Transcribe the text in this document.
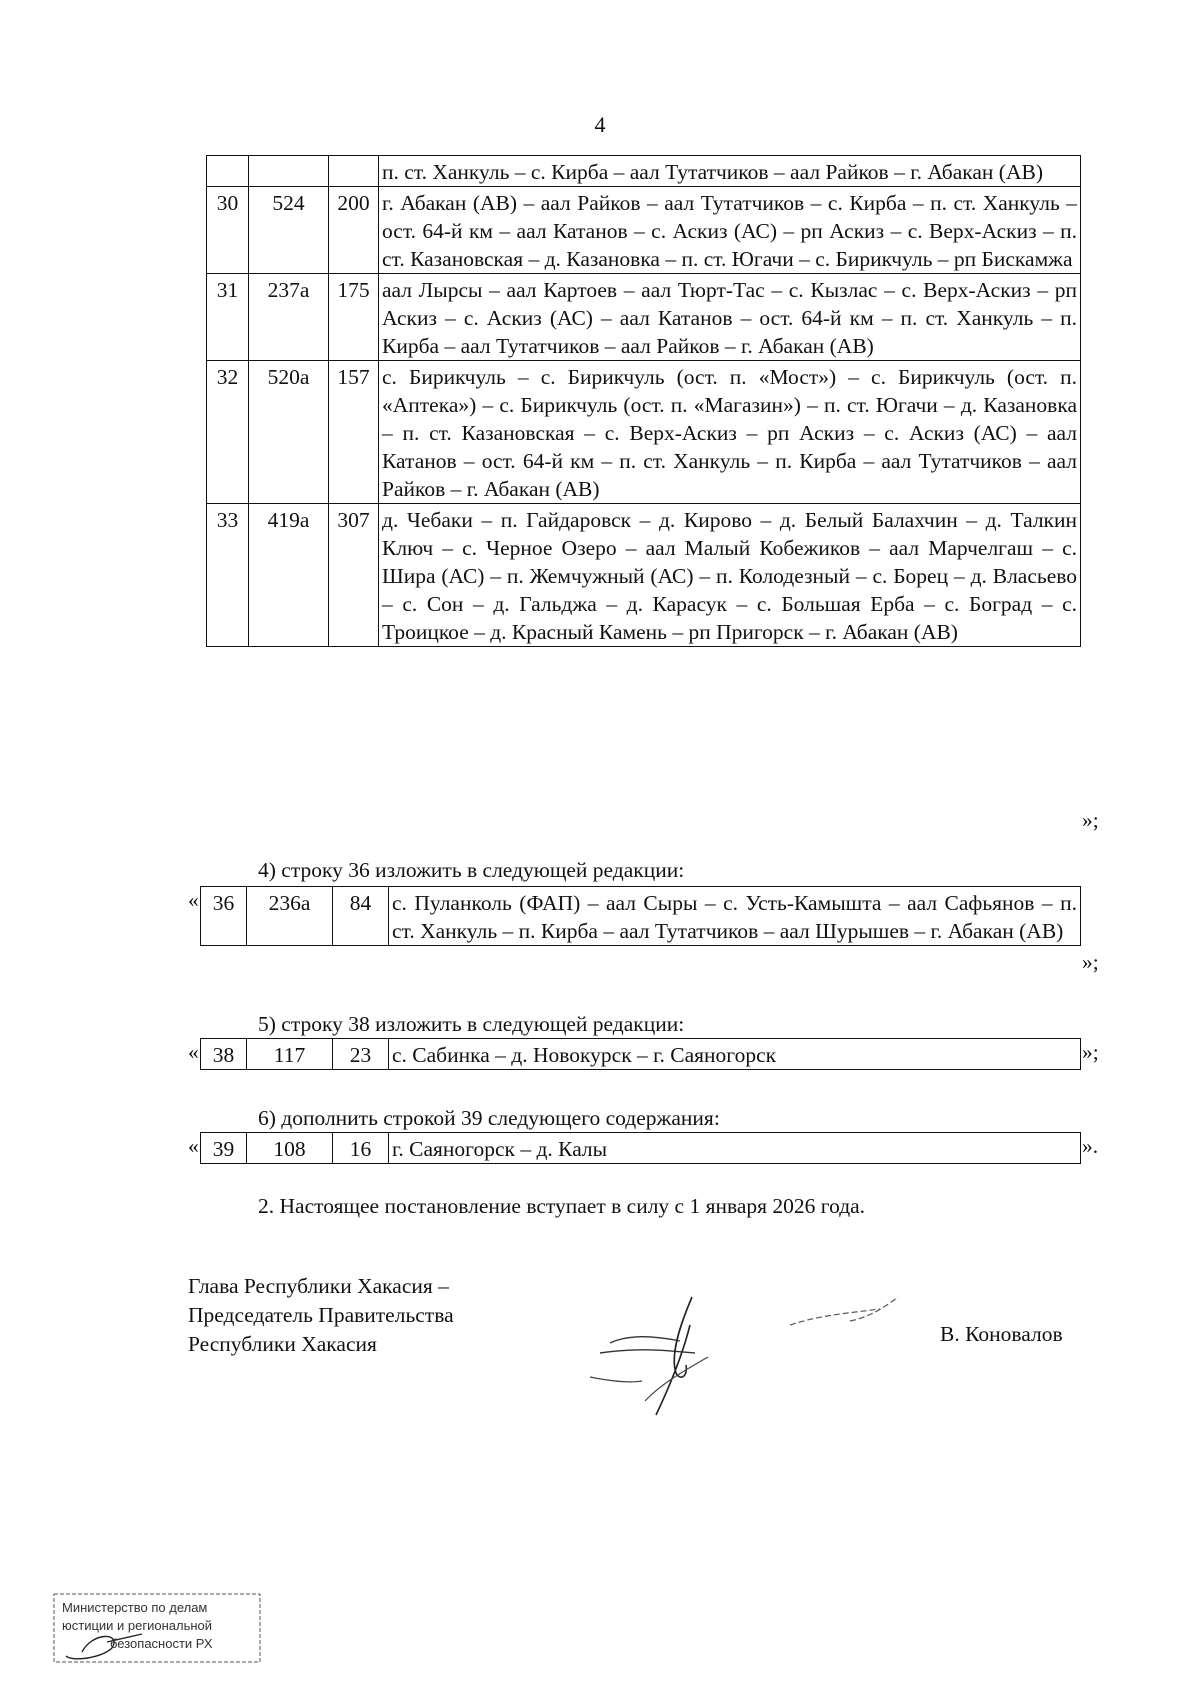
4
			п. ст. Ханкуль – с. Кирба – аал Тутатчиков – аал Райков – г. Абакан (АВ)
30	524	200	г. Абакан (АВ) – аал Райков – аал Тутатчиков – с. Кирба – п. ст. Ханкуль – ост. 64-й км – аал Катанов – с. Аскиз (АС) – рп Аскиз – с. Верх-Аскиз – п. ст. Казановская – д. Казановка – п. ст. Югачи – с. Бирикчуль – рп Бискамжа
31	237а	175	аал Лырсы – аал Картоев – аал Тюрт-Тас – с. Кызлас – с. Верх-Аскиз – рп Аскиз – с. Аскиз (АС) – аал Катанов – ост. 64-й км – п. ст. Ханкуль – п. Кирба – аал Тутатчиков – аал Райков – г. Абакан (АВ)
32	520а	157	с. Бирикчуль – с. Бирикчуль (ост. п. «Мост») – с. Бирикчуль (ост. п. «Аптека») – с. Бирикчуль (ост. п. «Магазин») – п. ст. Югачи – д. Казановка – п. ст. Казановская – с. Верх-Аскиз – рп Аскиз – с. Аскиз (АС) – аал Катанов – ост. 64-й км – п. ст. Ханкуль – п. Кирба – аал Тутатчиков – аал Райков – г. Абакан (АВ)
33	419а	307	д. Чебаки – п. Гайдаровск – д. Кирово – д. Белый Балахчин – д. Талкин Ключ – с. Черное Озеро – аал Малый Кобежиков – аал Марчелгаш – с. Шира (АС) – п. Жемчужный (АС) – п. Колодезный – с. Борец – д. Власьево – с. Сон – д. Гальджа – д. Карасук – с. Большая Ерба – с. Боград – с. Троицкое – д. Красный Камень – рп Пригорск – г. Абакан (АВ)
»;
4) строку 36 изложить в следующей редакции:
« 36	236а	84	с. Пуланколь (ФАП) – аал Сыры – с. Усть-Камышта – аал Сафьянов – п. ст. Ханкуль – п. Кирба – аал Тутатчиков – аал Шурышев – г. Абакан (АВ)
»;
5) строку 38 изложить в следующей редакции:
« 38	117	23	с. Сабинка – д. Новокурск – г. Саяногорск	»;
6) дополнить строкой 39 следующего содержания:
« 39	108	16	г. Саяногорск – д. Калы	».
2. Настоящее постановление вступает в силу с 1 января 2026 года.
Глава Республики Хакасия –
Председатель Правительства
Республики Хакасия	В. Коновалов
Министерство по делам
юстиции и региональной
безопасности РХ
